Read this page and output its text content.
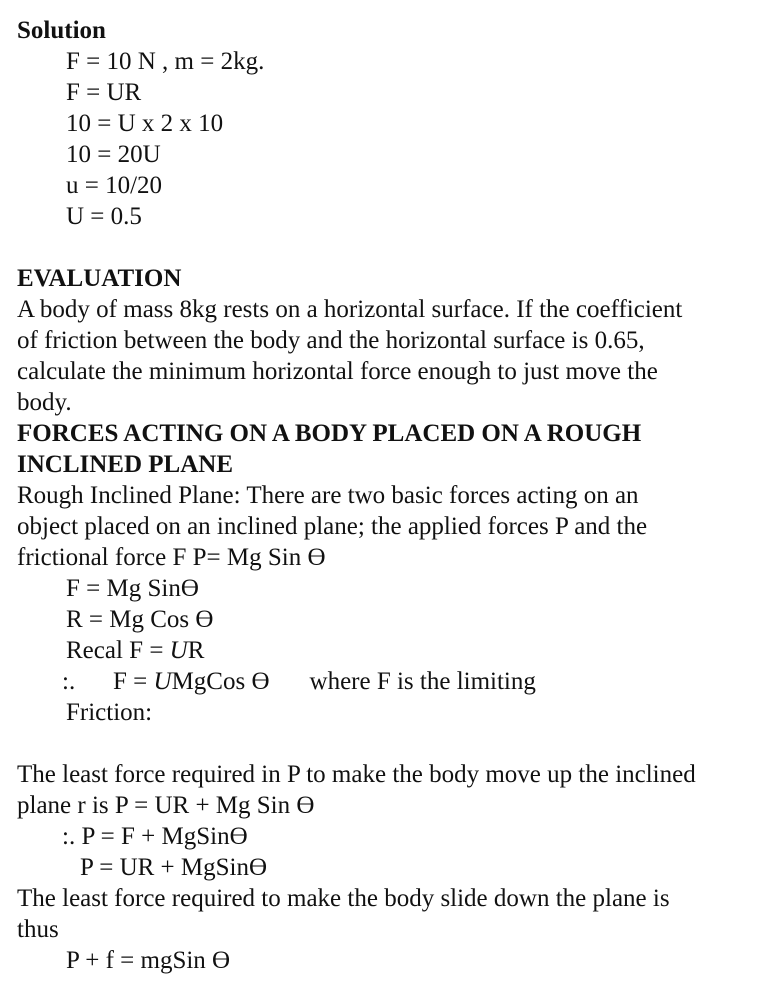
Solution
F = 10 N , m = 2kg.
F = UR
10 = U x 2 x 10
10 = 20U
u = 10/20
U = 0.5
EVALUATION
A body of mass 8kg rests on a horizontal surface. If the coefficient
of friction between the body and the horizontal surface is 0.65,
calculate the minimum horizontal force enough to just move the
body.
FORCES ACTING ON A BODY PLACED ON A ROUGH
INCLINED PLANE
Rough Inclined Plane: There are two basic forces acting on an
object placed on an inclined plane; the applied forces P and the
frictional force F P= Mg Sin ϴ
F = Mg Sinϴ
R = Mg Cos ϴ
Recal F = UR
:. F = UMgCos ϴ where F is the limiting
Friction:
The least force required in P to make the body move up the inclined
plane r is P = UR + Mg Sin ϴ
:. P = F + MgSinϴ
P = UR + MgSinϴ
The least force required to make the body slide down the plane is
thus
P + f = mgSin ϴ
